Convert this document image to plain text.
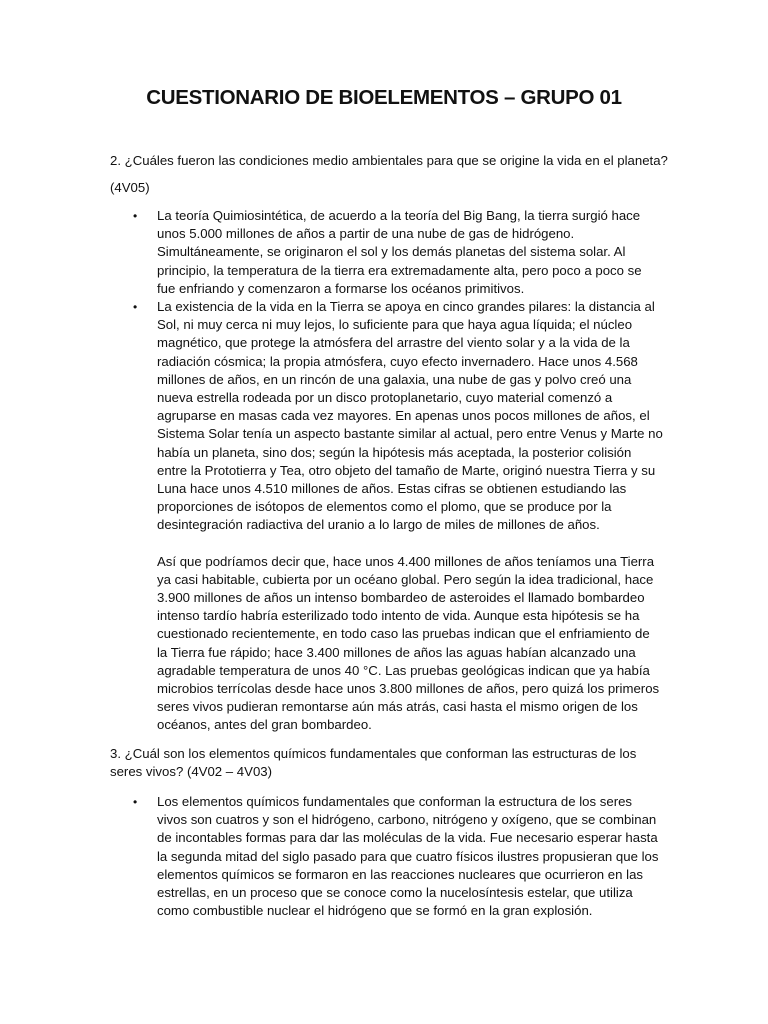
CUESTIONARIO DE BIOELEMENTOS – GRUPO 01

2. ¿Cuáles fueron las condiciones medio ambientales para que se origine la vida en el planeta?

(4V05)

• La teoría Quimiosintética, de acuerdo a la teoría del Big Bang, la tierra surgió hace unos 5.000 millones de años a partir de una nube de gas de hidrógeno. Simultáneamente, se originaron el sol y los demás planetas del sistema solar. Al principio, la temperatura de la tierra era extremadamente alta, pero poco a poco se fue enfriando y comenzaron a formarse los océanos primitivos.

• La existencia de la vida en la Tierra se apoya en cinco grandes pilares: la distancia al Sol, ni muy cerca ni muy lejos, lo suficiente para que haya agua líquida; el núcleo magnético, que protege la atmósfera del arrastre del viento solar y a la vida de la radiación cósmica; la propia atmósfera, cuyo efecto invernadero. Hace unos 4.568 millones de años, en un rincón de una galaxia, una nube de gas y polvo creó una nueva estrella rodeada por un disco protoplanetario, cuyo material comenzó a agruparse en masas cada vez mayores. En apenas unos pocos millones de años, el Sistema Solar tenía un aspecto bastante similar al actual, pero entre Venus y Marte no había un planeta, sino dos; según la hipótesis más aceptada, la posterior colisión entre la Prototierra y Tea, otro objeto del tamaño de Marte, originó nuestra Tierra y su Luna hace unos 4.510 millones de años. Estas cifras se obtienen estudiando las proporciones de isótopos de elementos como el plomo, que se produce por la desintegración radiactiva del uranio a lo largo de miles de millones de años.

Así que podríamos decir que, hace unos 4.400 millones de años teníamos una Tierra ya casi habitable, cubierta por un océano global. Pero según la idea tradicional, hace 3.900 millones de años un intenso bombardeo de asteroides el llamado bombardeo intenso tardío habría esterilizado todo intento de vida. Aunque esta hipótesis se ha cuestionado recientemente, en todo caso las pruebas indican que el enfriamiento de la Tierra fue rápido; hace 3.400 millones de años las aguas habían alcanzado una agradable temperatura de unos 40 °C. Las pruebas geológicas indican que ya había microbios terrícolas desde hace unos 3.800 millones de años, pero quizá los primeros seres vivos pudieran remontarse aún más atrás, casi hasta el mismo origen de los océanos, antes del gran bombardeo.

3. ¿Cuál son los elementos químicos fundamentales que conforman las estructuras de los seres vivos? (4V02 – 4V03)

• Los elementos químicos fundamentales que conforman la estructura de los seres vivos son cuatros y son el hidrógeno, carbono, nitrógeno y oxígeno, que se combinan de incontables formas para dar las moléculas de la vida. Fue necesario esperar hasta la segunda mitad del siglo pasado para que cuatro físicos ilustres propusieran que los elementos químicos se formaron en las reacciones nucleares que ocurrieron en las estrellas, en un proceso que se conoce como la nucelosíntesis estelar, que utiliza como combustible nuclear el hidrógeno que se formó en la gran explosión.
